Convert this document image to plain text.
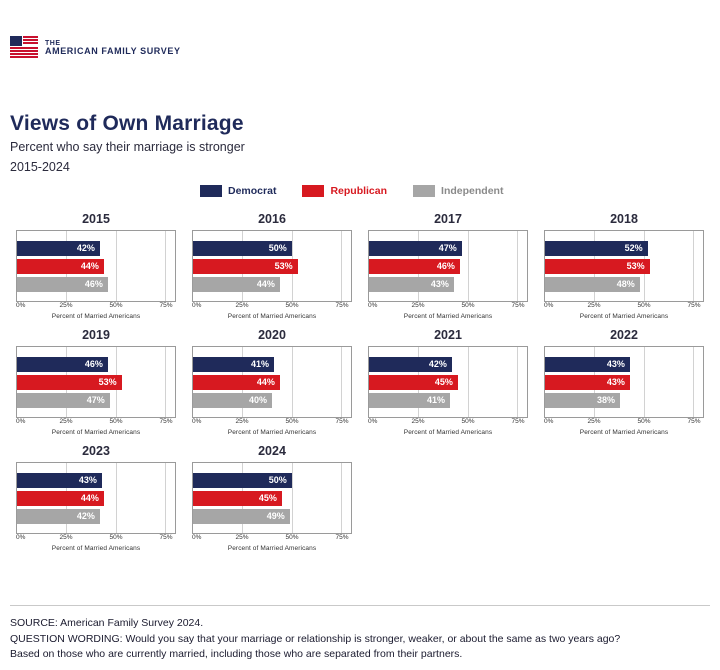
THE
AMERICAN FAMILY SURVEY
Views of Own Marriage
Percent who say their marriage is stronger
2015-2024
Democrat	Republican	Independent
2015
42%
44%
46%
0%	25%	50%	75%
Percent of Married Americans
2016
50%
53%
44%
0%	25%	50%	75%
Percent of Married Americans
2017
47%
46%
43%
0%	25%	50%	75%
Percent of Married Americans
2018
52%
53%
48%
0%	25%	50%	75%
Percent of Married Americans
2019
46%
53%
47%
0%	25%	50%	75%
Percent of Married Americans
2020
41%
44%
40%
0%	25%	50%	75%
Percent of Married Americans
2021
42%
45%
41%
0%	25%	50%	75%
Percent of Married Americans
2022
43%
43%
38%
0%	25%	50%	75%
Percent of Married Americans
2023
43%
44%
42%
0%	25%	50%	75%
Percent of Married Americans
2024
50%
45%
49%
0%	25%	50%	75%
Percent of Married Americans
SOURCE: American Family Survey 2024.
QUESTION WORDING: Would you say that your marriage or relationship is stronger, weaker, or about the same as two years ago?
Based on those who are currently married, including those who are separated from their partners.
